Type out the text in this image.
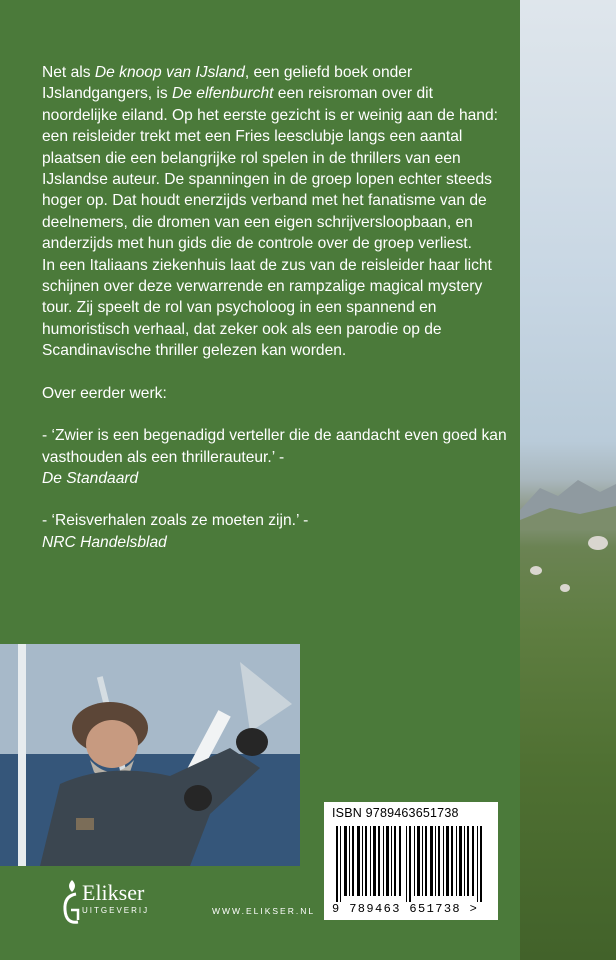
Net als De knoop van IJsland, een geliefd boek onder IJslandgangers, is De elfenburcht een reisroman over dit noordelijke eiland. Op het eerste gezicht is er weinig aan de hand: een reisleider trekt met een Fries leesclubje langs een aantal plaatsen die een belangrijke rol spelen in de thrillers van een IJslandse auteur. De spanningen in de groep lopen echter steeds hoger op. Dat houdt enerzijds verband met het fanatisme van de deelnemers, die dromen van een eigen schrijversloopbaan, en anderzijds met hun gids die de controle over de groep verliest.

In een Italiaans ziekenhuis laat de zus van de reisleider haar licht schijnen over deze verwarrende en rampzalige magical mystery tour. Zij speelt de rol van psycholoog in een spannend en humoristisch verhaal, dat zeker ook als een parodie op de Scandinavische thriller gelezen kan worden.

Over eerder werk:

- ‘Zwier is een begenadigd verteller die de aandacht even goed kan vasthouden als een thrillerauteur.’ -

De Standaard

- ‘Reisverhalen zoals ze moeten zijn.’ -

NRC Handelsblad

ISBN 9789463651738
9 789463 651738 >
Elikser
UITGEVERIJ	WWW.ELIKSER.NL
